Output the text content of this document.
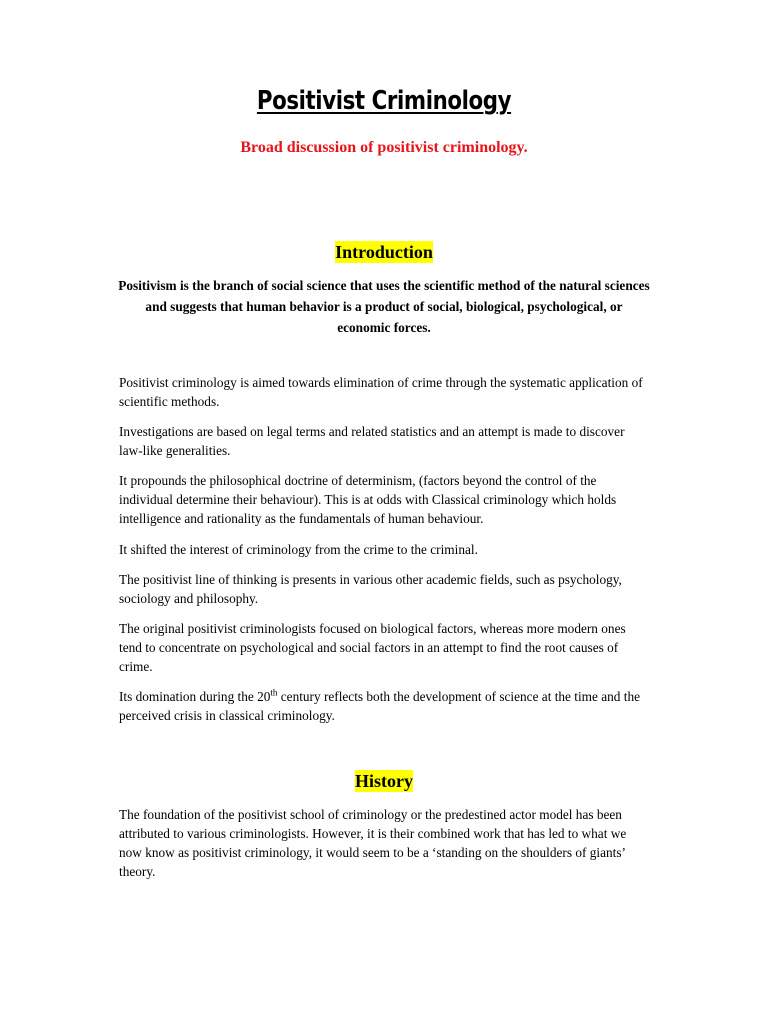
Positivist Criminology

Broad discussion of positivist criminology.

Introduction

Positivism is the branch of social science that uses the scientific method of the natural sciences and suggests that human behavior is a product of social, biological, psychological, or economic forces.

Positivist criminology is aimed towards elimination of crime through the systematic application of scientific methods.

Investigations are based on legal terms and related statistics and an attempt is made to discover law-like generalities.

It propounds the philosophical doctrine of determinism, (factors beyond the control of the individual determine their behaviour). This is at odds with Classical criminology which holds intelligence and rationality as the fundamentals of human behaviour.

It shifted the interest of criminology from the crime to the criminal.

The positivist line of thinking is presents in various other academic fields, such as psychology, sociology and philosophy.

The original positivist criminologists focused on biological factors, whereas more modern ones tend to concentrate on psychological and social factors in an attempt to find the root causes of crime.

Its domination during the 20th century reflects both the development of science at the time and the perceived crisis in classical criminology.

History

The foundation of the positivist school of criminology or the predestined actor model has been attributed to various criminologists. However, it is their combined work that has led to what we now know as positivist criminology, it would seem to be a ‘standing on the shoulders of giants’ theory.
